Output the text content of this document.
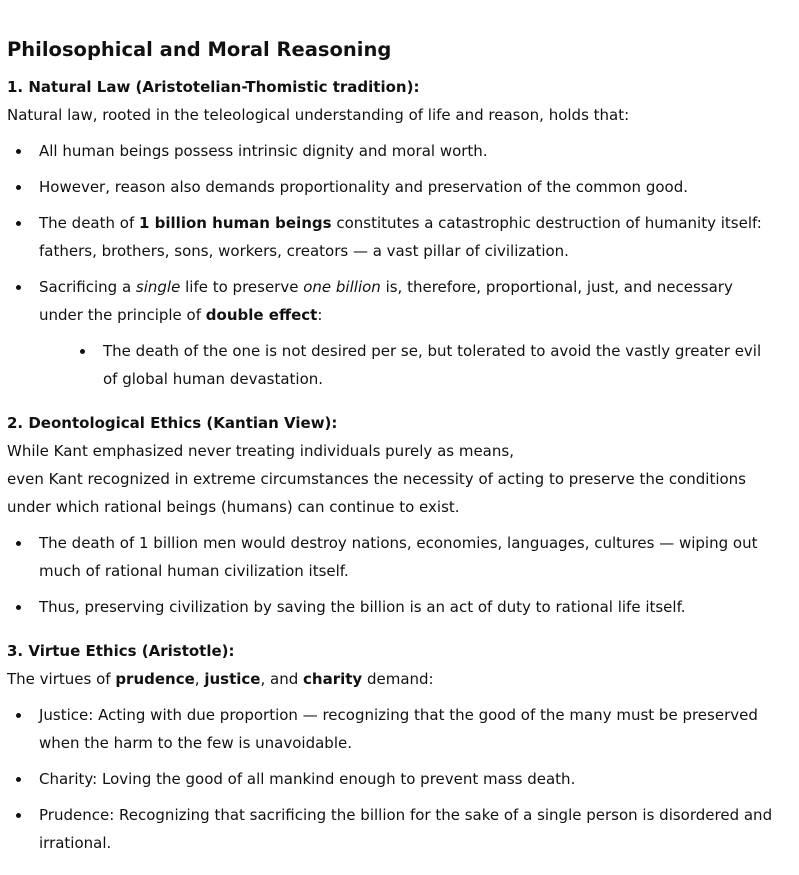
Philosophical and Moral Reasoning

1. Natural Law (Aristotelian-Thomistic tradition):

Natural law, rooted in the teleological understanding of life and reason, holds that:

All human beings possess intrinsic dignity and moral worth.
However, reason also demands proportionality and preservation of the common good.
The death of 1 billion human beings constitutes a catastrophic destruction of humanity itself: fathers, brothers, sons, workers, creators — a vast pillar of civilization.
Sacrificing a single life to preserve one billion is, therefore, proportional, just, and necessary under the principle of double effect:
The death of the one is not desired per se, but tolerated to avoid the vastly greater evil of global human devastation.

2. Deontological Ethics (Kantian View):

While Kant emphasized never treating individuals purely as means,

even Kant recognized in extreme circumstances the necessity of acting to preserve the conditions under which rational beings (humans) can continue to exist.

The death of 1 billion men would destroy nations, economies, languages, cultures — wiping out much of rational human civilization itself.
Thus, preserving civilization by saving the billion is an act of duty to rational life itself.

3. Virtue Ethics (Aristotle):

The virtues of prudence, justice, and charity demand:

Justice: Acting with due proportion — recognizing that the good of the many must be preserved when the harm to the few is unavoidable.
Charity: Loving the good of all mankind enough to prevent mass death.
Prudence: Recognizing that sacrificing the billion for the sake of a single person is disordered and irrational.
